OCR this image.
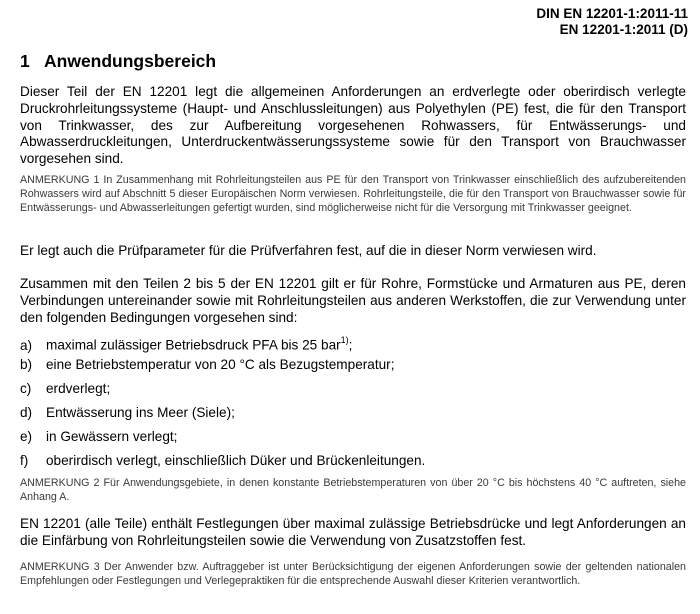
DIN EN 12201-1:2011-11
EN 12201-1:2011 (D)
1 Anwendungsbereich

Dieser Teil der EN 12201 legt die allgemeinen Anforderungen an erdverlegte oder oberirdisch verlegte Druckrohrleitungssysteme (Haupt- und Anschlussleitungen) aus Polyethylen (PE) fest, die für den Transport von Trinkwasser, des zur Aufbereitung vorgesehenen Rohwassers, für Entwässerungs- und Abwasserdruckleitungen, Unterdruckentwässerungssysteme sowie für den Transport von Brauchwasser vorgesehen sind.

ANMERKUNG 1 In Zusammenhang mit Rohrleitungsteilen aus PE für den Transport von Trinkwasser einschließlich des aufzubereitenden Rohwassers wird auf Abschnitt 5 dieser Europäischen Norm verwiesen. Rohrleitungsteile, die für den Transport von Brauchwasser sowie für Entwässerungs- und Abwasserleitungen gefertigt wurden, sind möglicherweise nicht für die Versorgung mit Trinkwasser geeignet.

Er legt auch die Prüfparameter für die Prüfverfahren fest, auf die in dieser Norm verwiesen wird.

Zusammen mit den Teilen 2 bis 5 der EN 12201 gilt er für Rohre, Formstücke und Armaturen aus PE, deren Verbindungen untereinander sowie mit Rohrleitungsteilen aus anderen Werkstoffen, die zur Verwendung unter den folgenden Bedingungen vorgesehen sind:

a) maximal zulässiger Betriebsdruck PFA bis 25 bar$^{1)}$;

b) eine Betriebstemperatur von 20 °C als Bezugstemperatur;

c) erdverlegt;

d) Entwässerung ins Meer (Siele);

e) in Gewässern verlegt;

f) oberirdisch verlegt, einschließlich Düker und Brückenleitungen.

ANMERKUNG 2 Für Anwendungsgebiete, in denen konstante Betriebstemperaturen von über 20 °C bis höchstens 40 °C auftreten, siehe Anhang A.

EN 12201 (alle Teile) enthält Festlegungen über maximal zulässige Betriebsdrücke und legt Anforderungen an die Einfärbung von Rohrleitungsteilen sowie die Verwendung von Zusatzstoffen fest.

ANMERKUNG 3 Der Anwender bzw. Auftraggeber ist unter Berücksichtigung der eigenen Anforderungen sowie der geltenden nationalen Empfehlungen oder Festlegungen und Verlegepraktiken für die entsprechende Auswahl dieser Kriterien verantwortlich.
